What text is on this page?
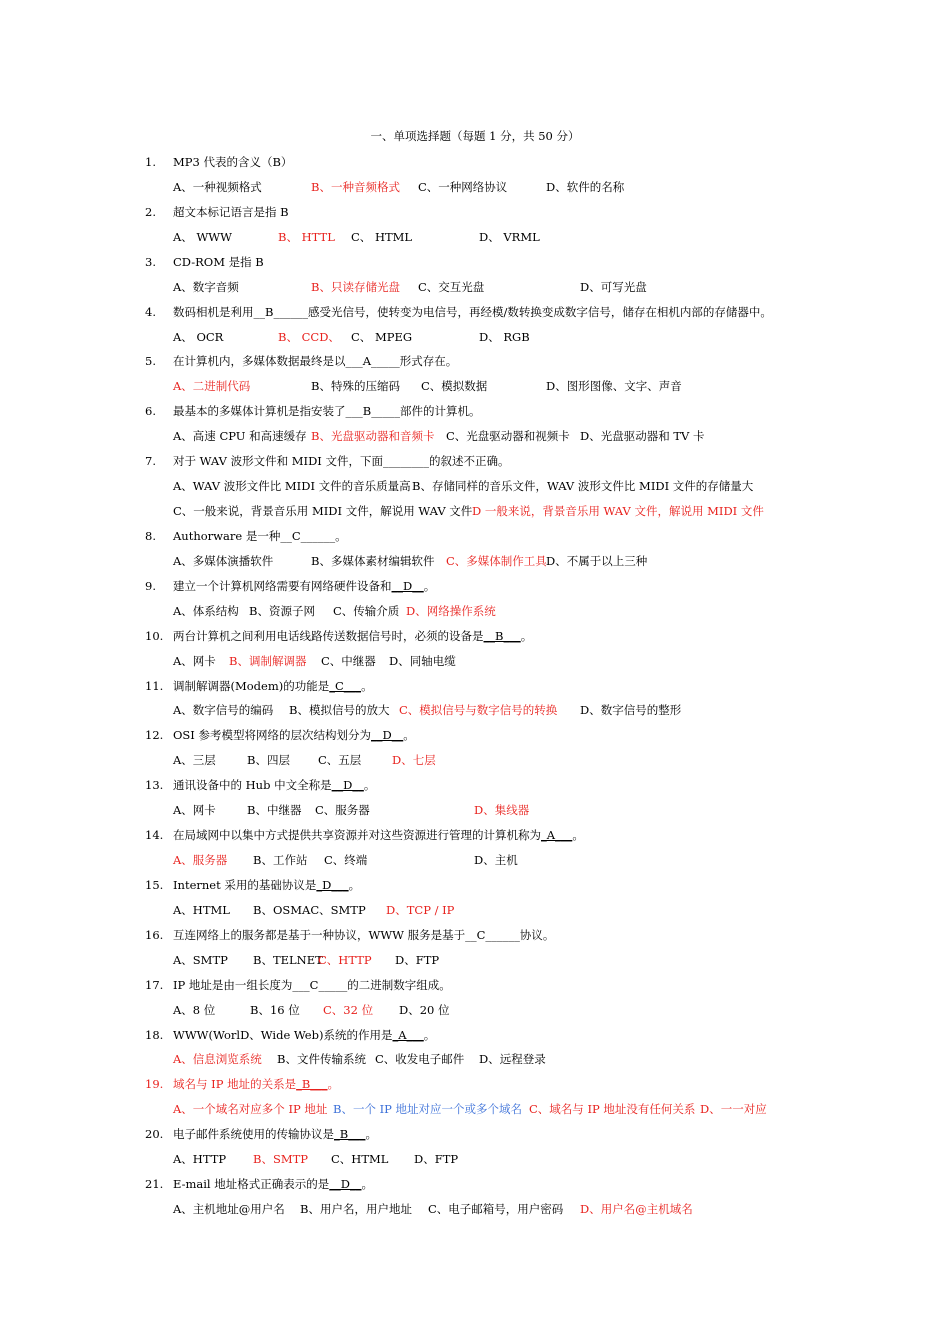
一、单项选择题（每题 1 分，共 50 分）
1. MP3 代表的含义（B）
A、一种视频格式	B、一种音频格式 C、一种网络协议	D、软件的名称
2. 超文本标记语言是指 B
A、 WWW	B、 HTTL C、 HTML	D、 VRML
3. CD-ROM 是指 B
A、数字音频	B、只读存储光盘 C、交互光盘	D、可写光盘
4. 数码相机是利用__B______感受光信号，使转变为电信号，再经模/数转换变成数字信号，储存在相机内部的存储器中。
A、 OCR	B、 CCD、 C、 MPEG	D、 RGB
5. 在计算机内，多媒体数据最终是以___A_____形式存在。
A、二进制代码	B、特殊的压缩码 C、模拟数据	D、图形图像、文字、声音
6. 最基本的多媒体计算机是指安装了___B_____部件的计算机。
A、高速 CPU 和高速缓存 B、光盘驱动器和音频卡 C、光盘驱动器和视频卡 D、光盘驱动器和 TV 卡
7. 对于 WAV 波形文件和 MIDI 文件，下面________的叙述不正确。
A、WAV 波形文件比 MIDI 文件的音乐质量高 B、存储同样的音乐文件，WAV 波形文件比 MIDI 文件的存储量大
C、一般来说，背景音乐用 MIDI 文件，解说用 WAV 文件 D 一般来说，背景音乐用 WAV 文件，解说用 MIDI 文件
8. Authorware 是一种__C______。
A、多媒体演播软件	B、多媒体素材编辑软件 C、多媒体制作工具 D、不属于以上三种
9. 建立一个计算机网络需要有网络硬件设备和__D__。
A、体系结构 B、资源子网 C、传输介质 D、网络操作系统
10. 两台计算机之间利用电话线路传送数据信号时，必须的设备是__B___。
A、网卡 B、调制解调器 C、中继器 D、同轴电缆
11. 调制解调器(Modem)的功能是_C___。
A、数字信号的编码 B、模拟信号的放大 C、模拟信号与数字信号的转换 D、数字信号的整形
12. OSI 参考模型将网络的层次结构划分为__D__。
A、三层	B、四层 C、五层	D、七层
13. 通讯设备中的 Hub 中文全称是__D__。
A、网卡	B、中继器 C、服务器	D、集线器
14. 在局域网中以集中方式提供共享资源并对这些资源进行管理的计算机称为_A___。
A、服务器 B、工作站 C、终端	D、主机
15. Internet 采用的基础协议是_D___。
A、HTML B、OSMAC、SMTP D、TCP / IP
16. 互连网络上的服务都是基于一种协议，WWW 服务是基于__C______协议。
A、SMTP B、TELNET
C、HTTP D、FTP
17. IP 地址是由一组长度为___C_____的二进制数字组成。
A、8 位	B、16 位 C、32 位 D、20 位
18. WWW(WorlD、Wide Web)系统的作用是_A___。
A、信息浏览系统 B、文件传输系统 C、收发电子邮件 D、远程登录
19. 域名与 IP 地址的关系是_B___。
A、一个域名对应多个 IP 地址 B、一个 IP 地址对应一个或多个域名 C、域名与 IP 地址没有任何关系 D、一一对应
20. 电子邮件系统使用的传输协议是_B___。
A、HTTP B、SMTP C、HTML D、FTP
21. E-mail 地址格式正确表示的是__D__。
A、主机地址@用户名 B、用户名，用户地址 C、电子邮箱号，用户密码 D、用户名@主机域名
